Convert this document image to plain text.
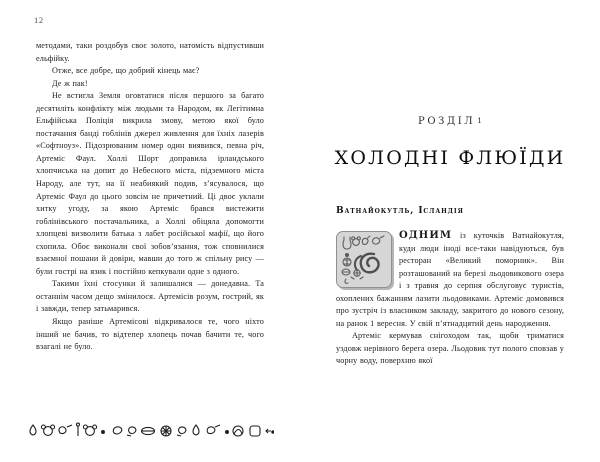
12

методами, таки роздобув своє золото, натомість відпустивши ельфійку.

Отже, все добре, що добрий кінець має?

Де ж пак!

Не встигла Земля оговтатися після першого за багато десятиліть конфлікту між людьми та Народом, як Легітимна Ельфійська Поліція викрила змову, метою якої було постачання банді гоблінів джерел живлення для їхніх лазерів «Софтноуз». Підозрюваним номер один виявився, певна річ, Артеміс Фаул. Холлі Шорт доправила ірландського хлопчиська на допит до Небесного міста, підземного міста Народу, але тут, на її неабиякий подив, з’ясувалося, що Артеміс Фаул до цього зовсім не причетний. Ці двоє уклали хитку угоду, за якою Артеміс брався вистежити гоблінівського постачальника, а Холлі обіцяла допомогти хлопцеві визволити батька з лабет російської мафії, що його схопила. Обоє виконали свої зобов’язання, тож сповнилися взаємної пошани й довіри, мавши до того ж спільну рису — були гострі на язик і постійно кепкували одне з одного.

Такими їхні стосунки й залишалися — донедавна. Та останнім часом дещо змінилося. Артемісів розум, гострий, як і завжди, тепер затьмарився.

Якщо раніше Артемісові відкривалося те, чого ніхто інший не бачив, то відтепер хлопець почав бачити те, чого взагалі не було.

РОЗДІЛ 1
ХОЛОДНІ ФЛЮЇДИ
Ватнайокутль, Ісландія

ОДНИМ із куточків Ватнайокутля, куди люди іноді все-таки навідуються, був ресторан «Великий поморник». Він розташований на березі льодовикового озера і з травня до серпня обслуговує туристів, охоплених бажанням лазити льодовиками. Артеміс домовився про зустріч із власником закладу, закритого до нового сезону, на ранок 1 вересня. У свій п’ятнадцятий день народження.

Артеміс кермував снігоходом так, щоби триматися уздовж нерівного берега озера. Льодовик тут полого сповзав у чорну воду, поверхню якої
